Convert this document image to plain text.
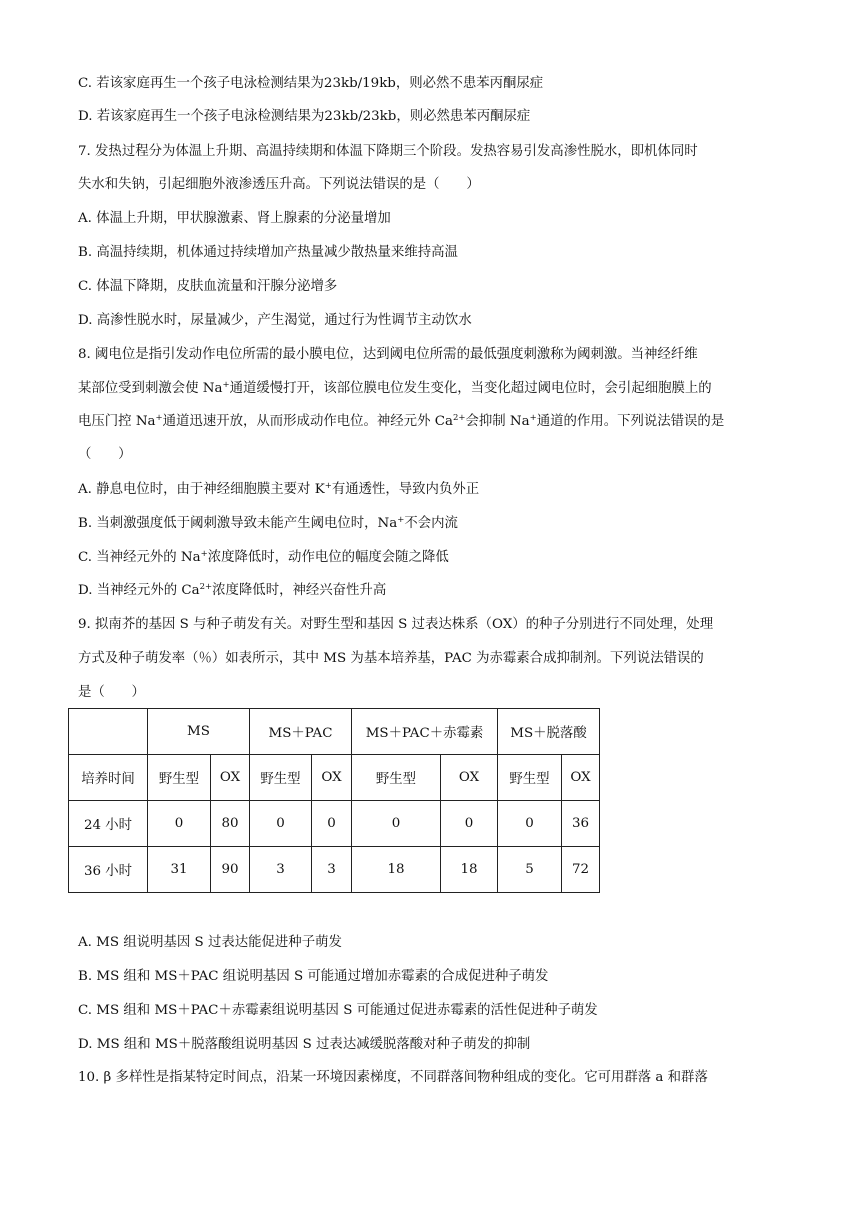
C. 若该家庭再生一个孩子电泳检测结果为23kb/19kb，则必然不患苯丙酮尿症
D. 若该家庭再生一个孩子电泳检测结果为23kb/23kb，则必然患苯丙酮尿症
7. 发热过程分为体温上升期、高温持续期和体温下降期三个阶段。发热容易引发高渗性脱水，即机体同时
失水和失钠，引起细胞外液渗透压升高。下列说法错误的是（　　）
A. 体温上升期，甲状腺激素、肾上腺素的分泌量增加
B. 高温持续期，机体通过持续增加产热量减少散热量来维持高温
C. 体温下降期，皮肤血流量和汗腺分泌增多
D. 高渗性脱水时，尿量减少，产生渴觉，通过行为性调节主动饮水
8. 阈电位是指引发动作电位所需的最小膜电位，达到阈电位所需的最低强度刺激称为阈刺激。当神经纤维
某部位受到刺激会使 Na+通道缓慢打开，该部位膜电位发生变化，当变化超过阈电位时，会引起细胞膜上的
电压门控 Na+通道迅速开放，从而形成动作电位。神经元外 $Ca^{2+}$会抑制 Na+通道的作用。下列说法错误的是
（　　）
A. 静息电位时，由于神经细胞膜主要对 K+有通透性，导致内负外正
B. 当刺激强度低于阈刺激导致未能产生阈电位时，Na+不会内流
C. 当神经元外的 Na+浓度降低时，动作电位的幅度会随之降低
D. 当神经元外的 $Ca^{2+}$浓度降低时，神经兴奋性升高
9. 拟南芥的基因 S 与种子萌发有关。对野生型和基因 S 过表达株系（OX）的种子分别进行不同处理，处理
方式及种子萌发率（％）如表所示，其中 MS 为基本培养基，PAC 为赤霉素合成抑制剂。下列说法错误的
是（　　）
	MS		MS＋PAC		MS＋PAC＋赤霉素		MS＋脱落酸	
培养时间	野生型	OX	野生型	OX	野生型	OX	野生型	OX
24 小时	0	80	0	0	0	0	0	36
36 小时	31	90	3	3	18	18	5	72
A. MS 组说明基因 S 过表达能促进种子萌发
B. MS 组和 MS＋PAC 组说明基因 S 可能通过增加赤霉素的合成促进种子萌发
C. MS 组和 MS＋PAC＋赤霉素组说明基因 S 可能通过促进赤霉素的活性促进种子萌发
D. MS 组和 MS＋脱落酸组说明基因 S 过表达减缓脱落酸对种子萌发的抑制
10. β 多样性是指某特定时间点，沿某一环境因素梯度，不同群落间物种组成的变化。它可用群落 a 和群落
